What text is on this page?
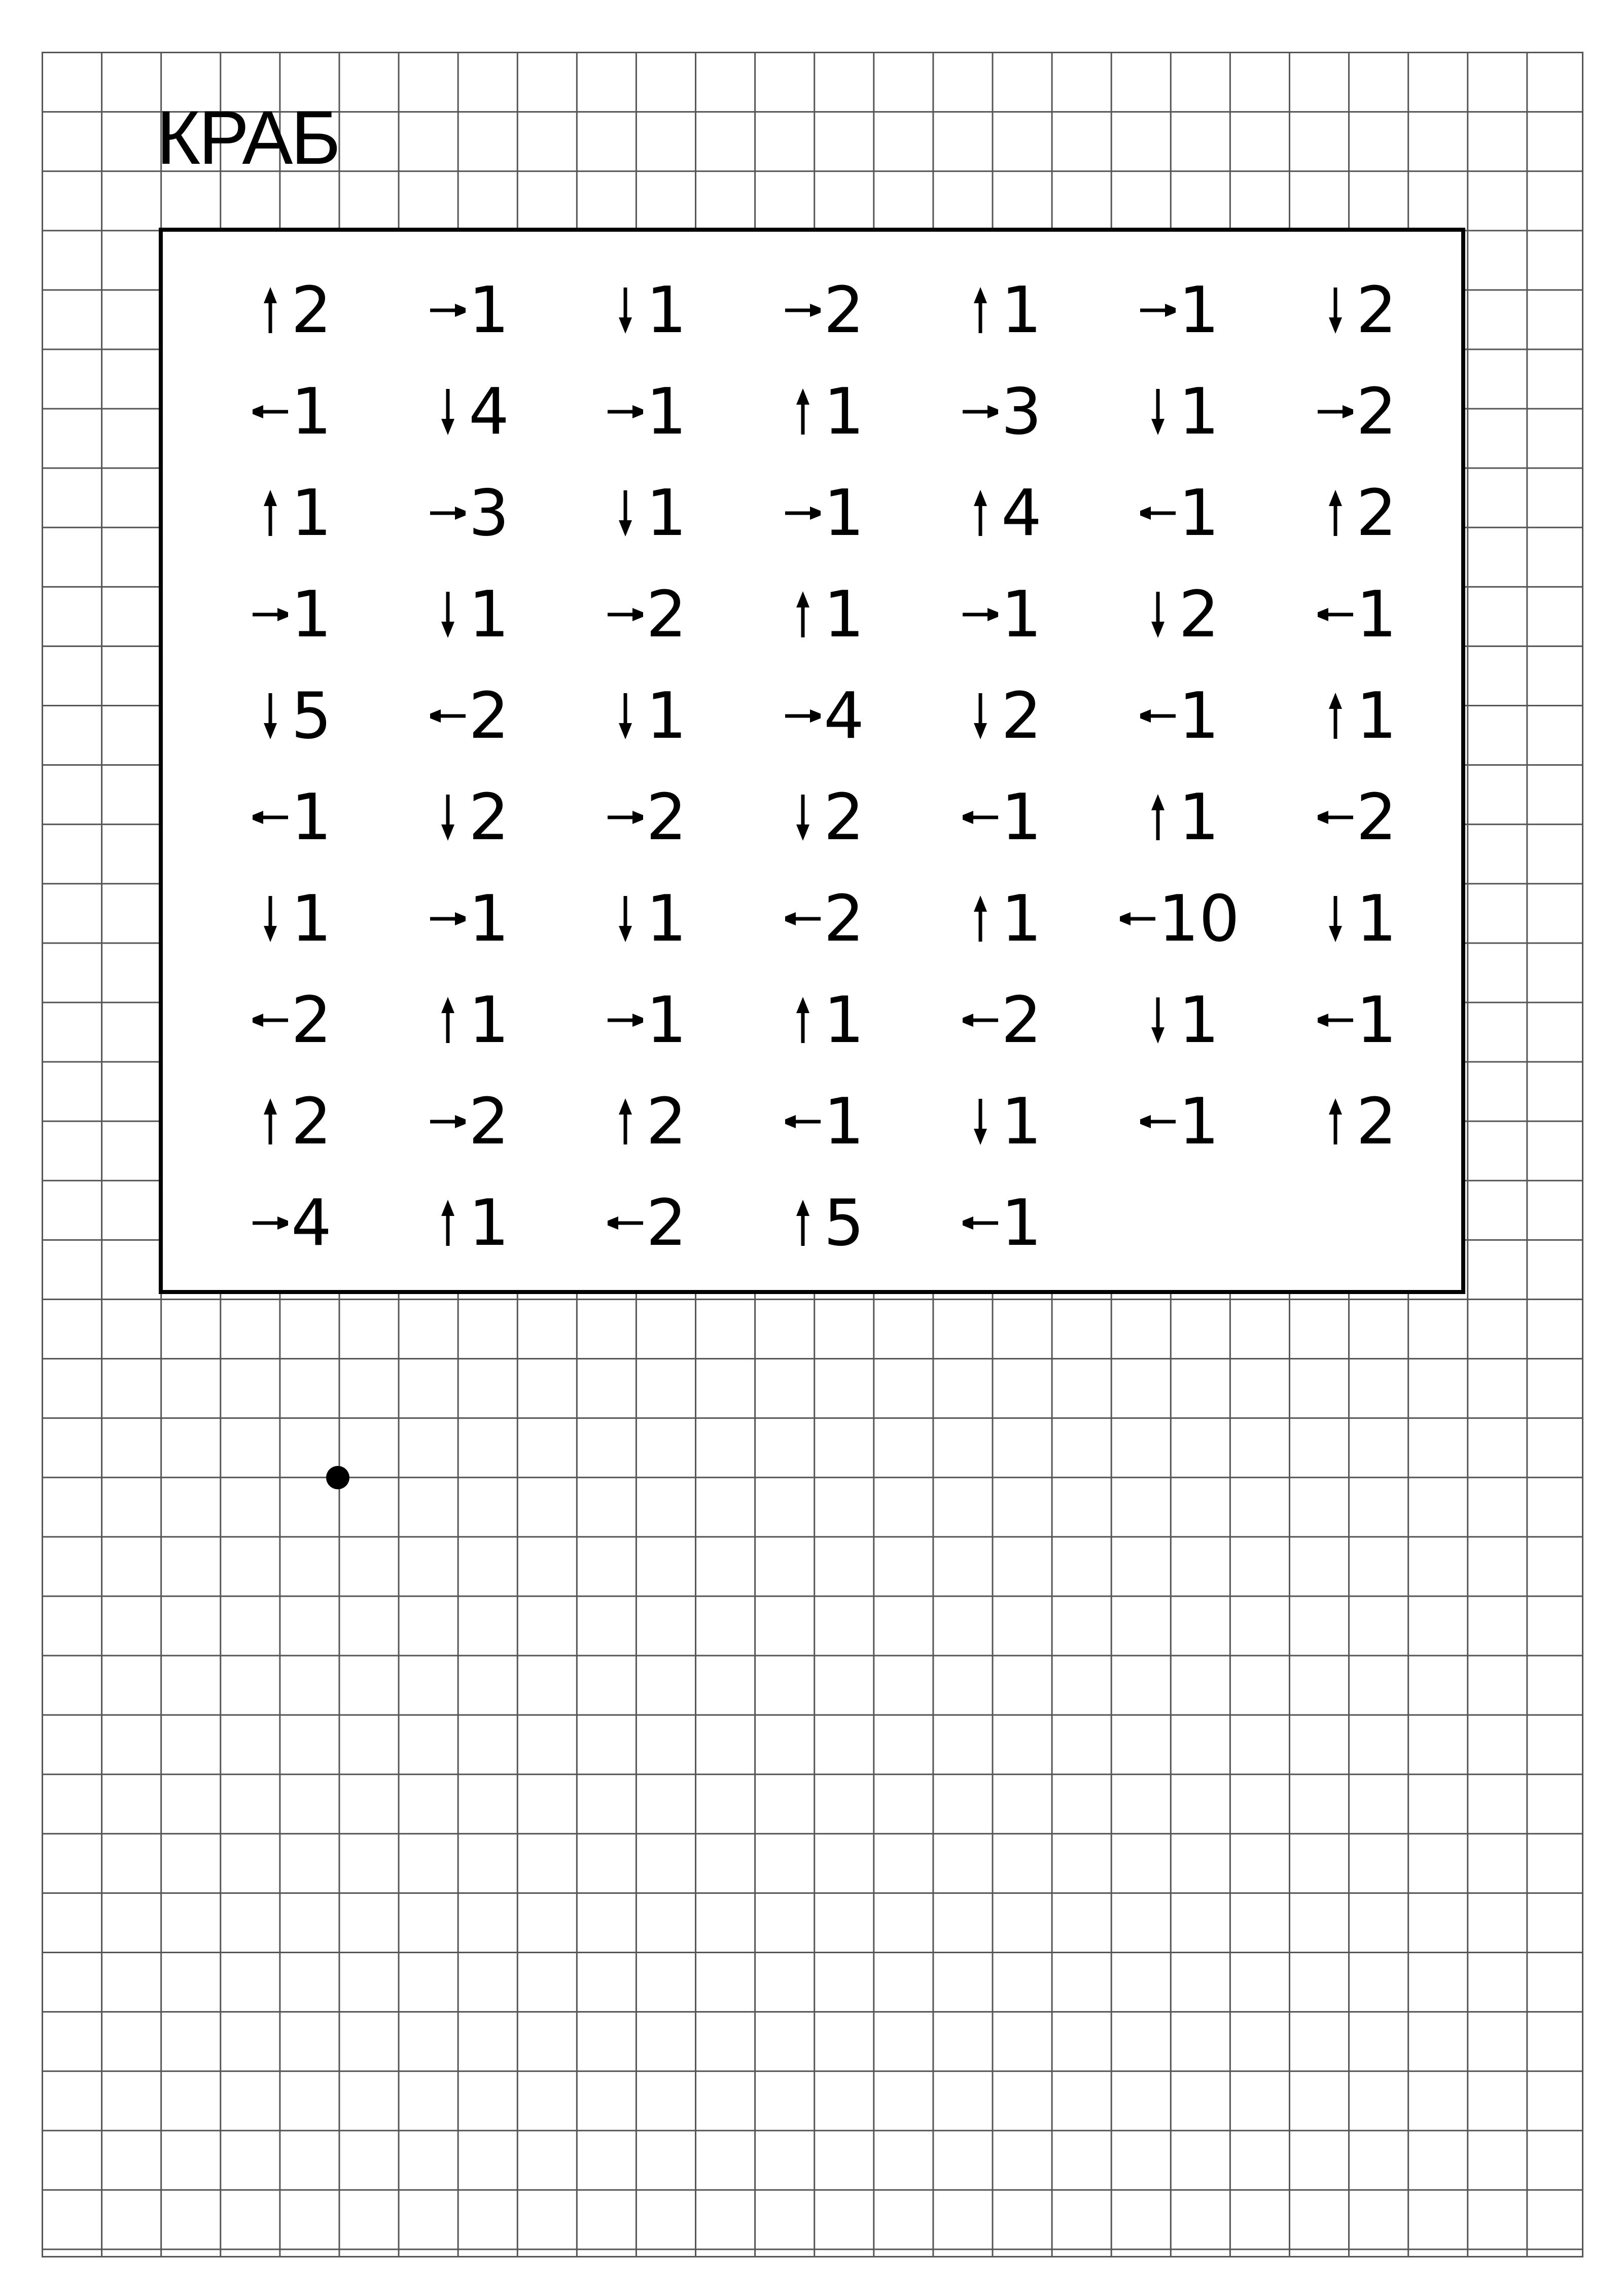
КРАБ
2 1 1 2 1 1 2
1 4 1 1 3 1 2
1 3 1 1 4 1 2
1 1 2 1 1 2 1
5 2 1 4 2 1 1
1 2 2 2 1 1 2
1 1 1 2 1 10 1
2 1 1 1 2 1 1
2 2 2 1 1 1 2
4 1 2 5 1
